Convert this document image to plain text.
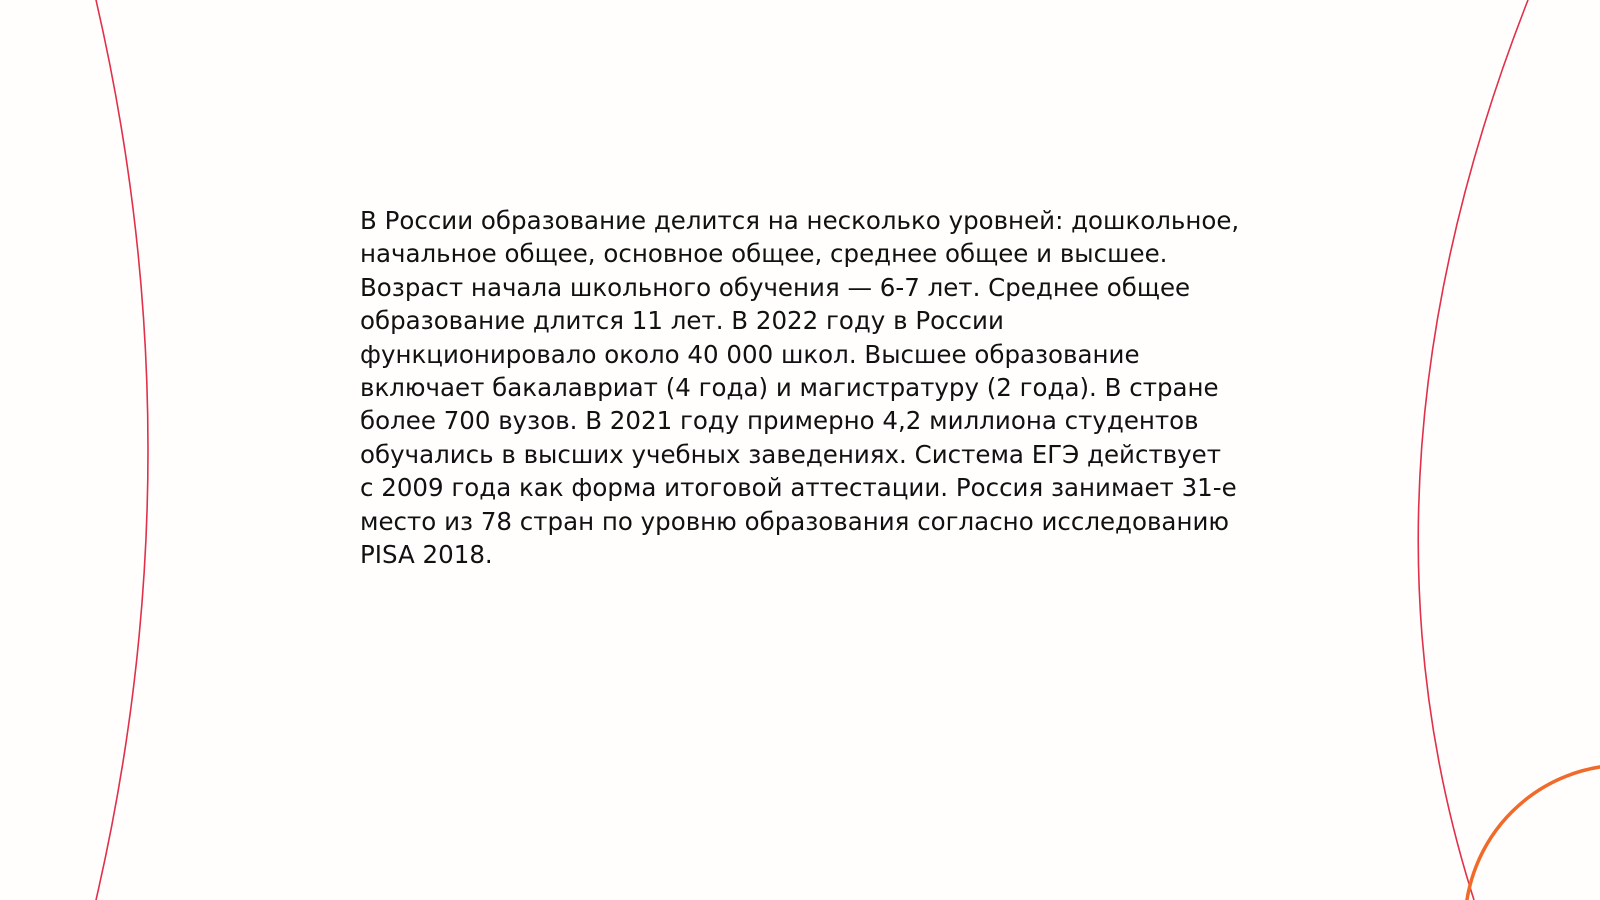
В России образование делится на несколько уровней: дошкольное, начальное общее, основное общее, среднее общее и высшее. Возраст начала школьного обучения — 6-7 лет. Среднее общее образование длится 11 лет. В 2022 году в России функционировало около 40 000 школ. Высшее образование включает бакалавриат (4 года) и магистратуру (2 года). В стране более 700 вузов. В 2021 году примерно 4,2 миллиона студентов обучались в высших учебных заведениях. Система ЕГЭ действует с 2009 года как форма итоговой аттестации. Россия занимает 31-е место из 78 стран по уровню образования согласно исследованию PISA 2018.
